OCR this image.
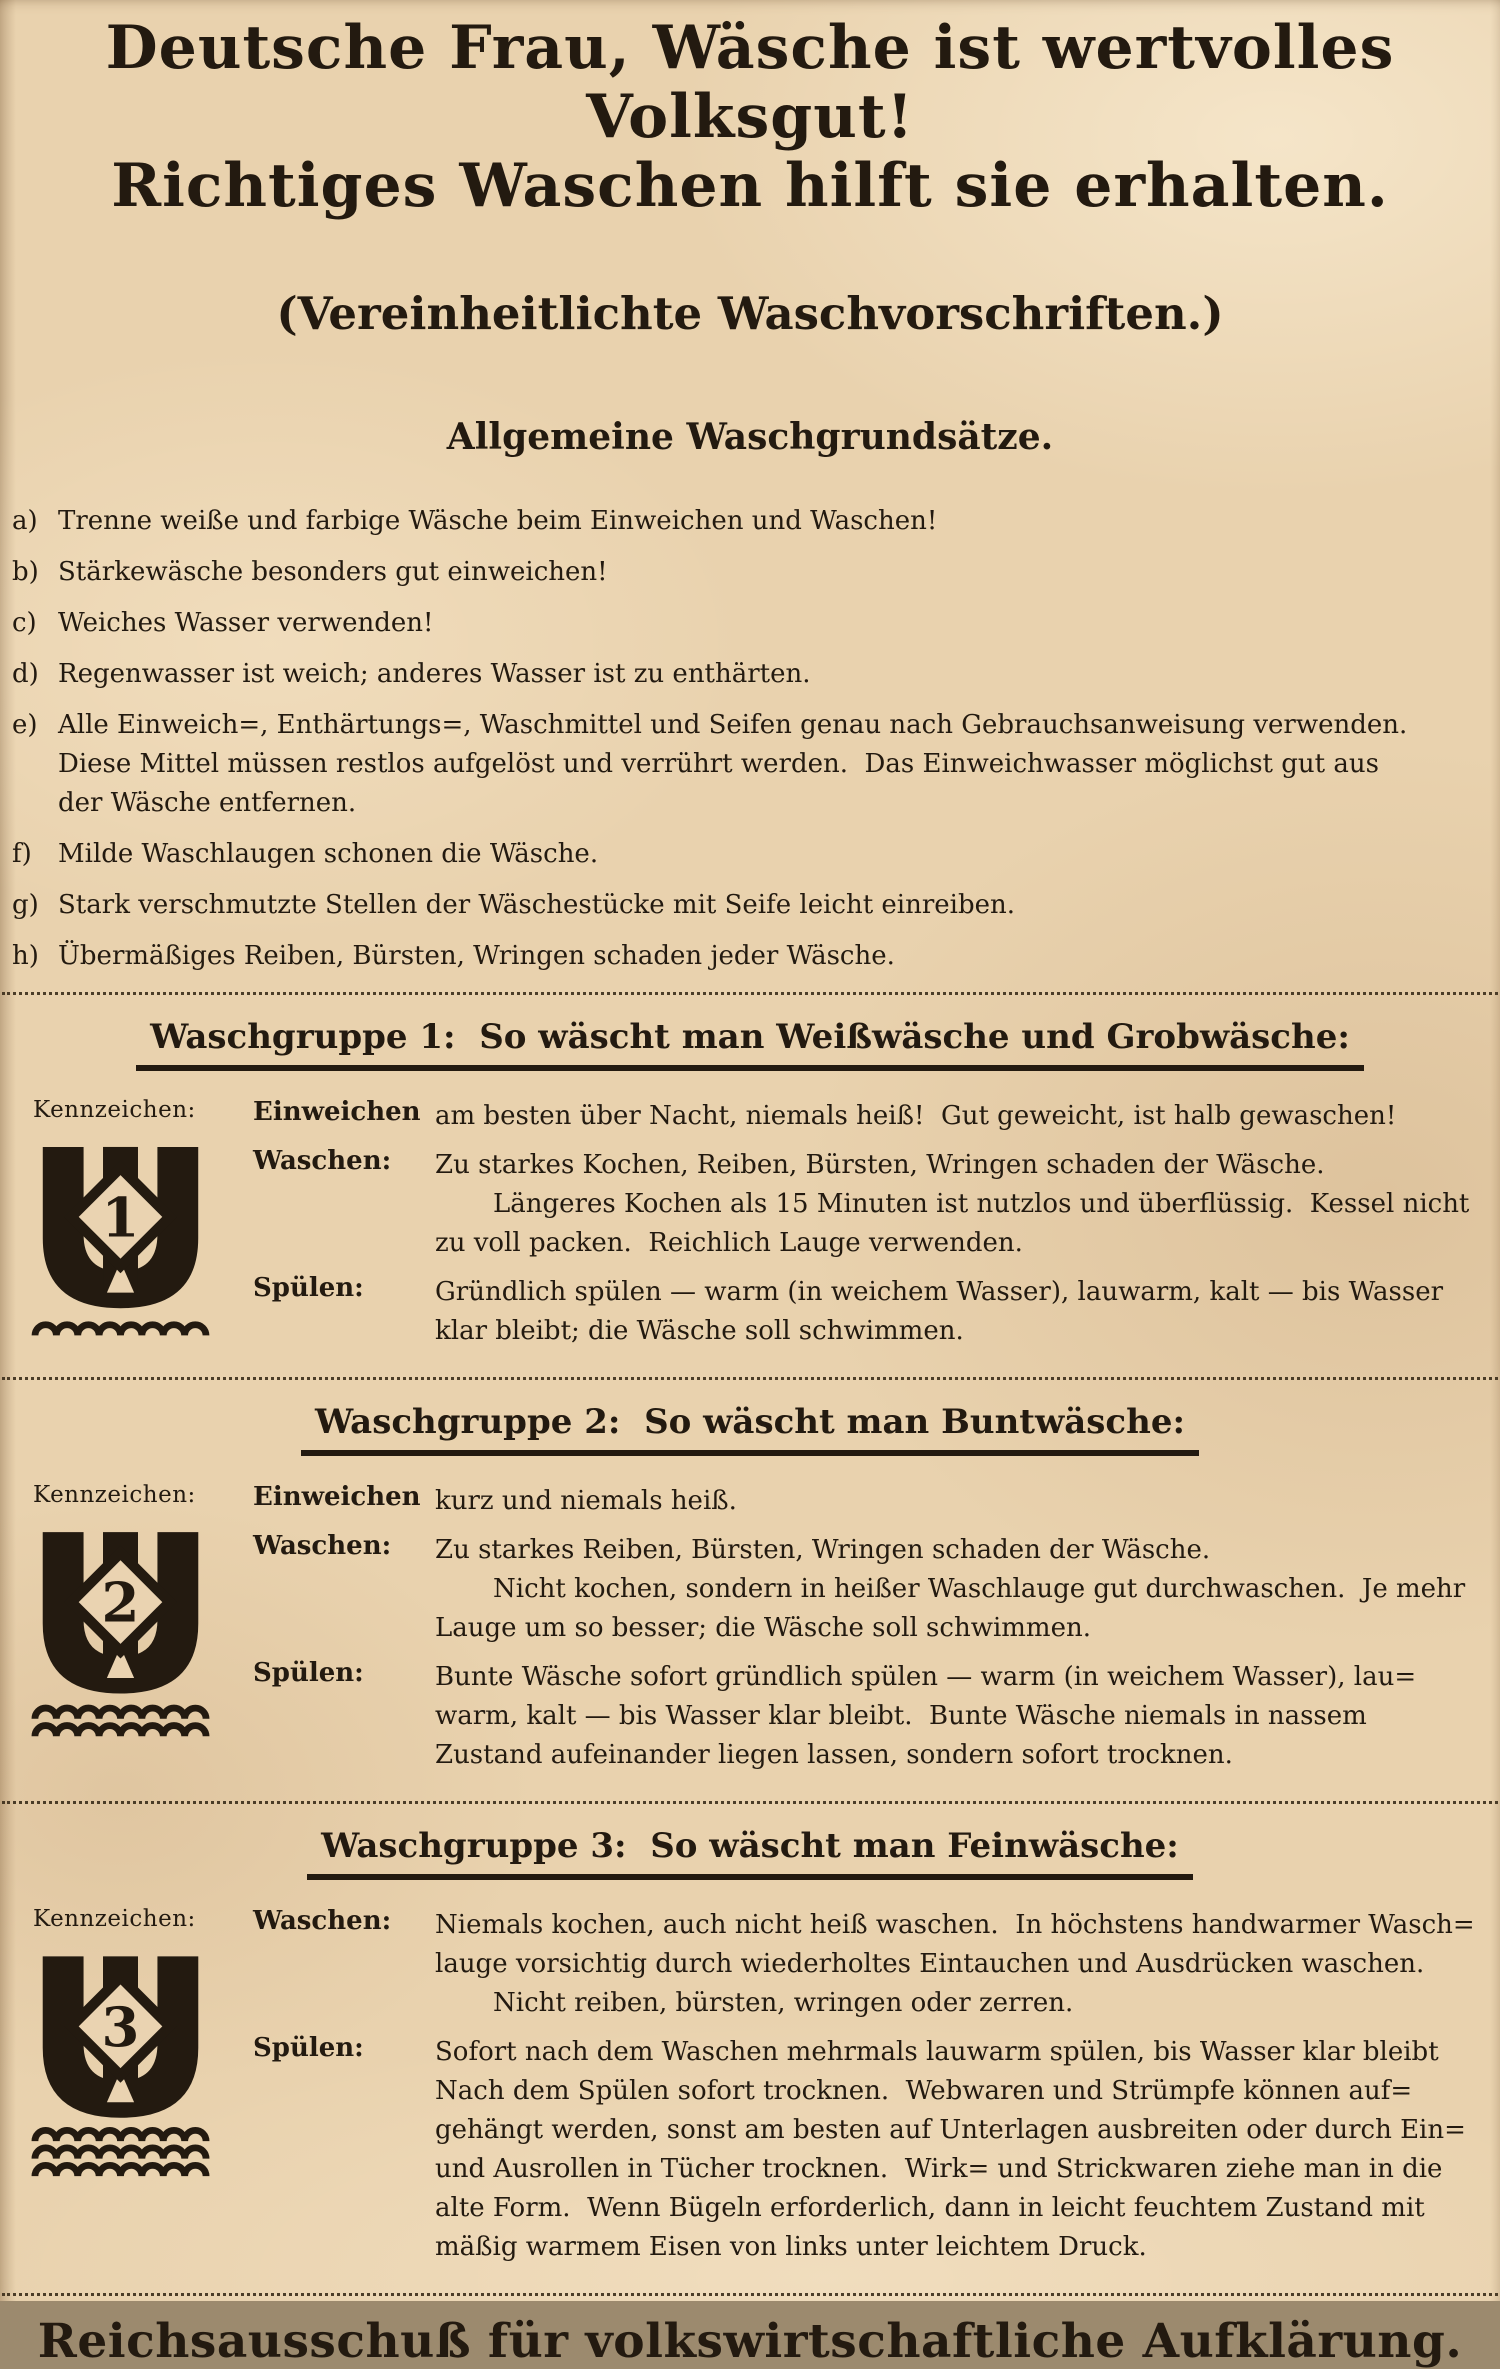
Deutsche Frau, Wäsche ist wertvolles Volksgut!
Richtiges Waschen hilft sie erhalten.
(Vereinheitlichte Waschvorschriften.)
Allgemeine Waschgrundsätze.
a) Trenne weiße und farbige Wäsche beim Einweichen und Waschen!
b) Stärkewäsche besonders gut einweichen!
c) Weiches Wasser verwenden!
d) Regenwasser ist weich; anderes Wasser ist zu enthärten.
e) Alle Einweich=, Enthärtungs=, Waschmittel und Seifen genau nach Gebrauchsanweisung verwenden.
Diese Mittel müssen restlos aufgelöst und verrührt werden.  Das Einweichwasser möglichst gut aus
der Wäsche entfernen.
f)	Milde Waschlaugen schonen die Wäsche.
g) Stark verschmutzte Stellen der Wäschestücke mit Seife leicht einreiben.
h) Übermäßiges Reiben, Bürsten, Wringen schaden jeder Wäsche.
Waschgruppe 1:  So wäscht man Weißwäsche und Grobwäsche:
Kennzeichen:
1
Einweichen am besten über Nacht, niemals heiß!  Gut geweicht, ist halb gewaschen!
Waschen:	Zu starkes Kochen, Reiben, Bürsten, Wringen schaden der Wäsche.
Längeres Kochen als 15 Minuten ist nutzlos und überflüssig.  Kessel nicht
zu voll packen.  Reichlich Lauge verwenden.
Spülen:	Gründlich spülen — warm (in weichem Wasser), lauwarm, kalt — bis Wasser
klar bleibt; die Wäsche soll schwimmen.
Waschgruppe 2:  So wäscht man Buntwäsche:
Kennzeichen:
2
Einweichen kurz und niemals heiß.
Waschen:	Zu starkes Reiben, Bürsten, Wringen schaden der Wäsche.
Nicht kochen, sondern in heißer Waschlauge gut durchwaschen.  Je mehr
Lauge um so besser; die Wäsche soll schwimmen.
Spülen:	Bunte Wäsche sofort gründlich spülen — warm (in weichem Wasser), lau=
warm, kalt — bis Wasser klar bleibt.  Bunte Wäsche niemals in nassem
Zustand aufeinander liegen lassen, sondern sofort trocknen.
Waschgruppe 3:  So wäscht man Feinwäsche:
Kennzeichen:
3
Waschen:	Niemals kochen, auch nicht heiß waschen.  In höchstens handwarmer Wasch=
lauge vorsichtig durch wiederholtes Eintauchen und Ausdrücken waschen.
Nicht reiben, bürsten, wringen oder zerren.
Spülen:	Sofort nach dem Waschen mehrmals lauwarm spülen, bis Wasser klar bleibt
Nach dem Spülen sofort trocknen.  Webwaren und Strümpfe können auf=
gehängt werden, sonst am besten auf Unterlagen ausbreiten oder durch Ein=
und Ausrollen in Tücher trocknen.  Wirk= und Strickwaren ziehe man in die
alte Form.  Wenn Bügeln erforderlich, dann in leicht feuchtem Zustand mit
mäßig warmem Eisen von links unter leichtem Druck.
Reichsausschuß für volkswirtschaftliche Aufklärung.
